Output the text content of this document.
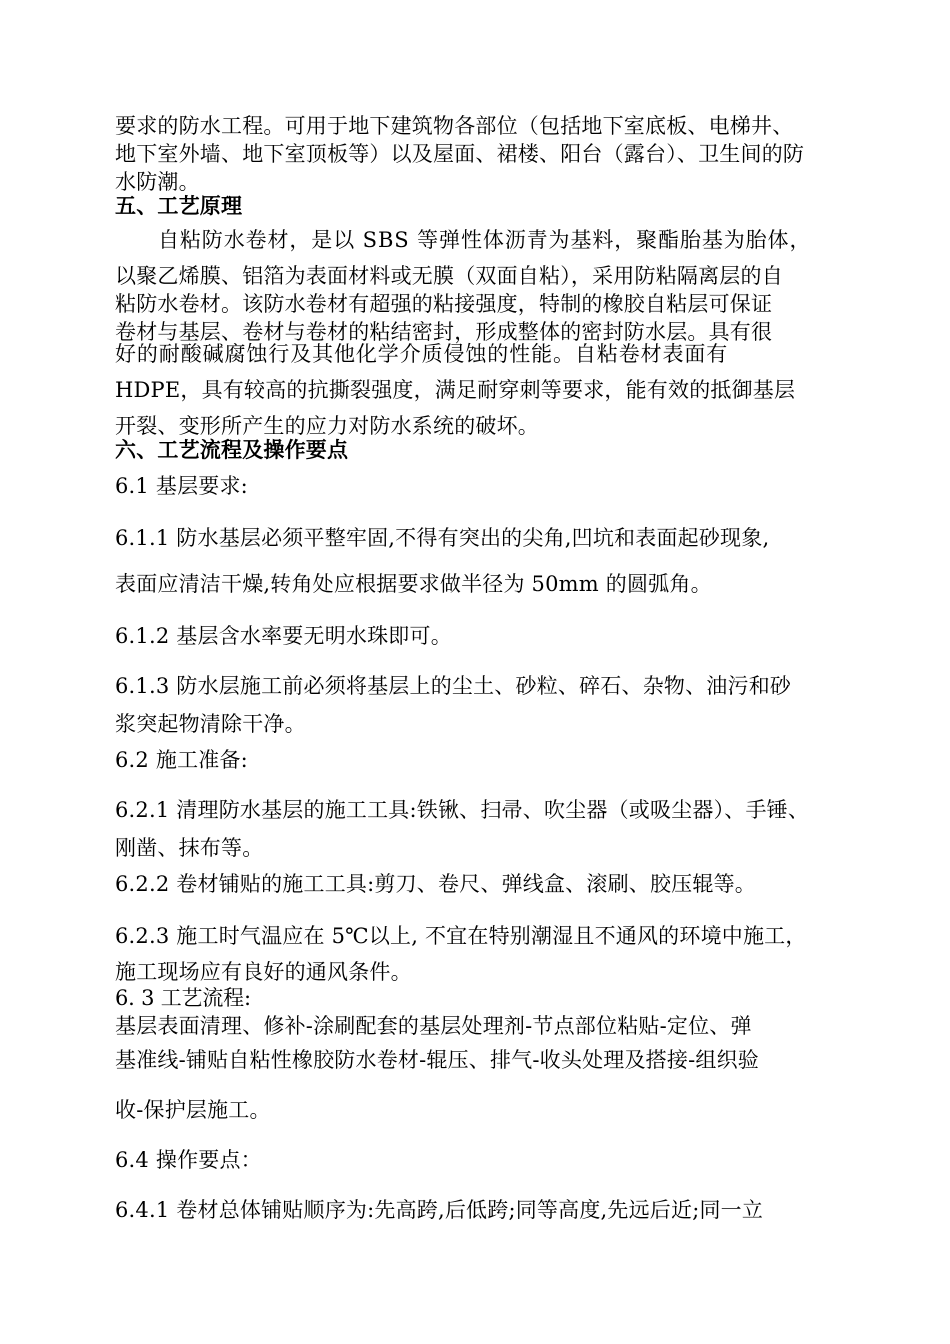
要求的防水工程。可用于地下建筑物各部位（包括地下室底板、电梯井、
地下室外墙、地下室顶板等）以及屋面、裙楼、阳台（露台）、卫生间的防
水防潮。
五、工艺原理
自粘防水卷材，是以 SBS 等弹性体沥青为基料，聚酯胎基为胎体，
以聚乙烯膜、铝箔为表面材料或无膜（双面自粘），采用防粘隔离层的自
粘防水卷材。该防水卷材有超强的粘接强度，特制的橡胶自粘层可保证
卷材与基层、卷材与卷材的粘结密封，形成整体的密封防水层。具有很
好的耐酸碱腐蚀行及其他化学介质侵蚀的性能。自粘卷材表面有
HDPE，具有较高的抗撕裂强度，满足耐穿刺等要求，能有效的抵御基层
开裂、变形所产生的应力对防水系统的破坏。
六、工艺流程及操作要点
6.1 基层要求:
6.1.1 防水基层必须平整牢固,不得有突出的尖角,凹坑和表面起砂现象,
表面应清洁干燥,转角处应根据要求做半径为 50mm 的圆弧角。
6.1.2 基层含水率要无明水珠即可。
6.1.3 防水层施工前必须将基层上的尘土、砂粒、碎石、杂物、油污和砂
浆突起物清除干净。
6.2 施工准备:
6.2.1 清理防水基层的施工工具:铁锹、扫帚、吹尘器（或吸尘器）、手锤、
刚凿、抹布等。
6.2.2 卷材铺贴的施工工具:剪刀、卷尺、弹线盒、滚刷、胶压辊等。
6.2.3 施工时气温应在 5℃以上, 不宜在特别潮湿且不通风的环境中施工，
施工现场应有良好的通风条件。
6. 3 工艺流程:
基层表面清理、修补-涂刷配套的基层处理剂-节点部位粘贴-定位、弹
基准线-铺贴自粘性橡胶防水卷材-辊压、排气-收头处理及搭接-组织验
收-保护层施工。
6.4 操作要点：
6.4.1 卷材总体铺贴顺序为:先高跨,后低跨;同等高度,先远后近;同一立
